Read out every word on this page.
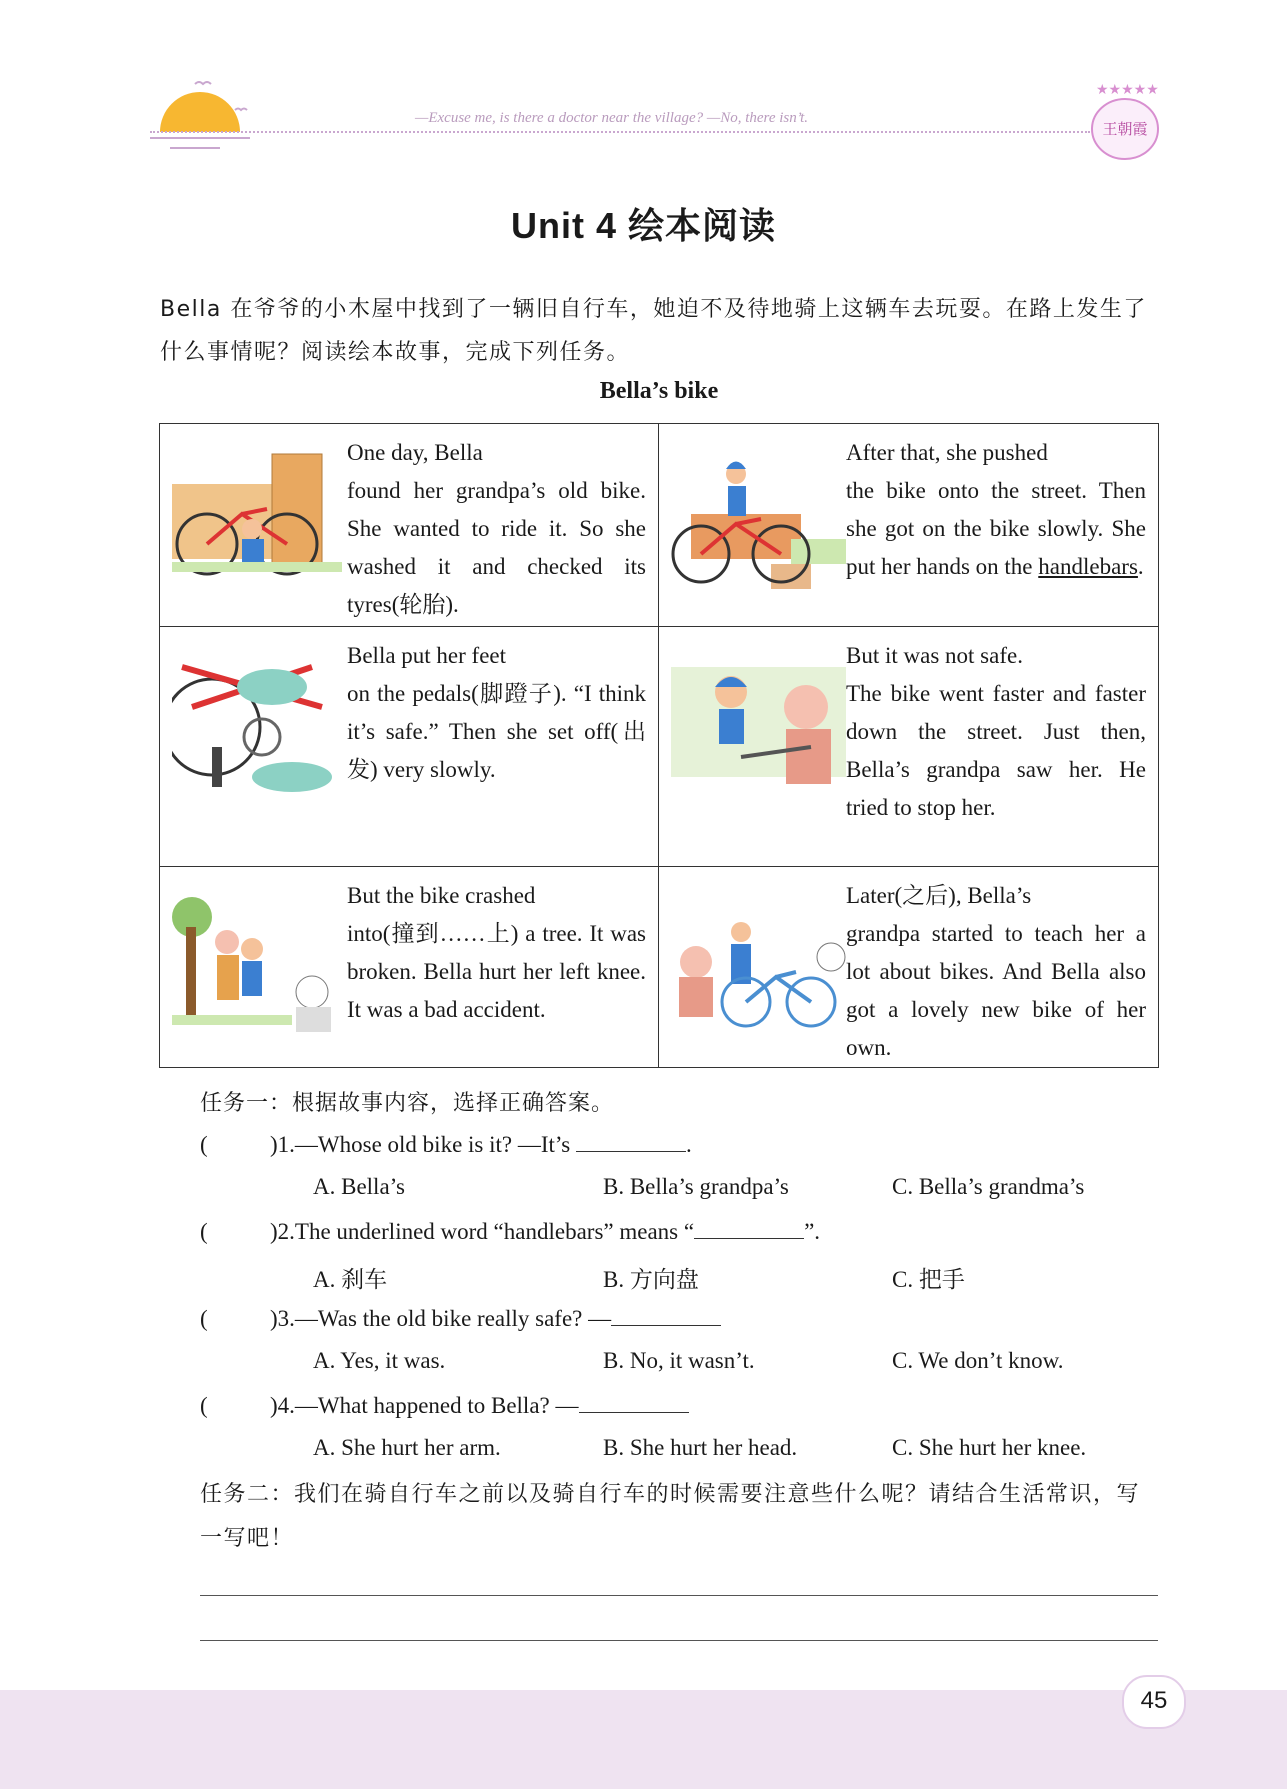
—Excuse me, is there a doctor near the village? —No, there isn’t.
★★★★★
王朝霞
Unit 4 绘本阅读
Bella 在爷爷的小木屋中找到了一辆旧自行车，她迫不及待地骑上这辆车去玩耍。在路上发生了什么事情呢？阅读绘本故事，完成下列任务。
Bella’s bike
One day, Bella
found her grandpa’s old bike. She wanted to ride it. So she washed it and checked its tyres(轮胎).
After that, she pushed
the bike onto the street. Then she got on the bike slowly. She put her hands on the handlebars.
Bella put her feet
on the pedals(脚蹬子). “I think it’s safe.” Then she set off(出发) very slowly.
But it was not safe.
The bike went faster and faster down the street. Just then, Bella’s grandpa saw her. He tried to stop her.
But the bike crashed
into(撞到……上) a tree. It was broken. Bella hurt her left knee. It was a bad accident.
Later(之后), Bella’s
grandpa started to teach her a lot about bikes. And Bella also got a lovely new bike of her own.
任务一：根据故事内容，选择正确答案。
(	)1.—Whose old bike is it? —It’s	.
A. Bella’s	B. Bella’s grandpa’s	C. Bella’s grandma’s
(	)2.The underlined word “handlebars” means “	”.
A. 刹车	B. 方向盘	C. 把手
(	)3.—Was the old bike really safe? —
A. Yes, it was.	B. No, it wasn’t.	C. We don’t know.
(	)4.—What happened to Bella? —
A. She hurt her arm.	B. She hurt her head.	C. She hurt her knee.
任务二：我们在骑自行车之前以及骑自行车的时候需要注意些什么呢？请结合生活常识，写一写吧！
45
